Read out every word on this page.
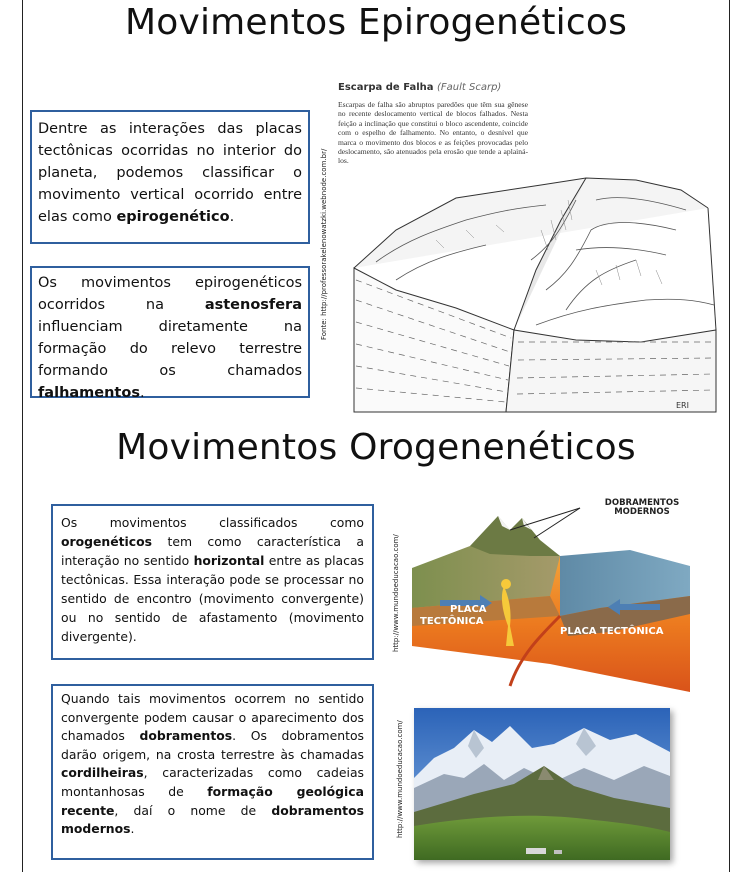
Movimentos Epirogenéticos

Dentre as interações das placas tectônicas ocorridas no interior do planeta, podemos classificar o movimento vertical ocorrido entre elas como epirogenético.

Os movimentos epirogenéticos ocorridos na astenosfera influenciam diretamente na formação do relevo terrestre formando os chamados falhamentos.

Fonte: http://professorakelenowatzki.webnode.com.br/
Escarpa de Falha (Fault Scarp)
Escarpas de falha são abruptos paredões que têm sua gênese no recente deslocamento vertical de blocos falhados. Nesta feição a inclinação que constitui o bloco ascendente, coincide com o espelho de falhamento. No entanto, o desnível que marca o movimento dos blocos e as feições provocadas pelo deslocamento, são atenuados pela erosão que tende a aplainá-los.
ERI
Movimentos Orogenenéticos

Os movimentos classificados como orogenéticos tem como característica a interação no sentido horizontal entre as placas tectônicas. Essa interação pode se processar no sentido de encontro (movimento convergente) ou no sentido de afastamento (movimento divergente).

Quando tais movimentos ocorrem no sentido convergente podem causar o aparecimento dos chamados dobramentos. Os dobramentos darão origem, na crosta terrestre às chamadas cordilheiras, caracterizadas como cadeias montanhosas de formação geológica recente, daí o nome de dobramentos modernos.

http://www.mundoeducacao.com/
DOBRAMENTOS
MODERNOS
PLACA
TECTÔNICA
PLACA TECTÔNICA
http://www.mundoeducacao.com/
